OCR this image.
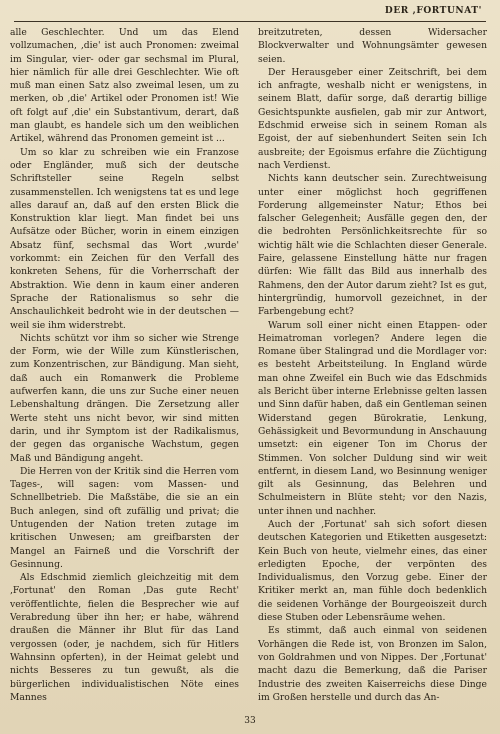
DER ,FORTUNAT'

alle Geschlechter. Und um das Elend vollzumachen, ‚die' ist auch Pronomen: zweimal im Singular, vier- oder gar sechsmal im Plural, hier nämlich für alle drei Geschlechter. Wie oft muß man einen Satz also zweimal lesen, um zu merken, ob ‚die' Artikel oder Pronomen ist! Wie oft folgt auf ‚die' ein Substantivum, derart, daß man glaubt, es handele sich um den weiblichen Artikel, während das Pronomen gemeint ist ...

Um so klar zu schreiben wie ein Franzose oder Engländer, muß sich der deutsche Schriftsteller seine Regeln selbst zusammenstellen. Ich wenigstens tat es und lege alles darauf an, daß auf den ersten Blick die Konstruktion klar liegt. Man findet bei uns Aufsätze oder Bücher, worin in einem einzigen Absatz fünf, sechsmal das Wort ‚wurde' vorkommt: ein Zeichen für den Verfall des konkreten Sehens, für die Vorherrschaft der Abstraktion. Wie denn in kaum einer anderen Sprache der Rationalismus so sehr die Anschaulichkeit bedroht wie in der deutschen — weil sie ihm widerstrebt.

Nichts schützt vor ihm so sicher wie Strenge der Form, wie der Wille zum Künstlerischen, zum Konzentrischen, zur Bändigung. Man sieht, daß auch ein Romanwerk die Probleme aufwerfen kann, die uns zur Suche einer neuen Lebenshaltung drängen. Die Zersetzung aller Werte steht uns nicht bevor, wir sind mitten darin, und ihr Symptom ist der Radikalismus, der gegen das organische Wachstum, gegen Maß und Bändigung angeht.

Die Herren von der Kritik sind die Herren vom Tages-, will sagen: vom Massen- und Schnellbetrieb. Die Maßstäbe, die sie an ein Buch anlegen, sind oft zufällig und privat; die Untugenden der Nation treten zutage im kritischen Unwesen; am greifbarsten der Mangel an Fairneß und die Vorschrift der Gesinnung.

Als Edschmid ziemlich gleichzeitig mit dem ‚Fortunat' den Roman ‚Das gute Recht' veröffentlichte, fielen die Besprecher wie auf Verabredung über ihn her; er habe, während draußen die Männer ihr Blut für das Land vergossen (oder, je nachdem, sich für Hitlers Wahnsinn opferten), in der Heimat gelebt und nichts Besseres zu tun gewußt, als die bürgerlichen individualistischen Nöte eines Mannes

breitzutreten, dessen Widersacher Blockverwalter und Wohnungsämter gewesen seien.

Der Herausgeber einer Zeitschrift, bei dem ich anfragte, weshalb nicht er wenigstens, in seinem Blatt, dafür sorge, daß derartig billige Gesichtspunkte ausfielen, gab mir zur Antwort, Edschmid erweise sich in seinem Roman als Egoist, der auf siebenhundert Seiten sein Ich ausbreite; der Egoismus erfahre die Züchtigung nach Verdienst.

Nichts kann deutscher sein. Zurechtweisung unter einer möglichst hoch gegriffenen Forderung allgemeinster Natur; Ethos bei falscher Gelegenheit; Ausfälle gegen den, der die bedrohten Persönlichkeitsrechte für so wichtig hält wie die Schlachten dieser Generale. Faire, gelassene Einstellung hätte nur fragen dürfen: Wie fällt das Bild aus innerhalb des Rahmens, den der Autor darum zieht? Ist es gut, hintergründig, humorvoll gezeichnet, in der Farbengebung echt?

Warum soll einer nicht einen Etappen- oder Heimatroman vorlegen? Andere legen die Romane über Stalingrad und die Mordlager vor: es besteht Arbeitsteilung. In England würde man ohne Zweifel ein Buch wie das Edschmids als Bericht über interne Erlebnisse gelten lassen und Sinn dafür haben, daß ein Gentleman seinen Widerstand gegen Bürokratie, Lenkung, Gehässigkeit und Bevormundung in Anschauung umsetzt: ein eigener Ton im Chorus der Stimmen. Von solcher Duldung sind wir weit entfernt, in diesem Land, wo Besinnung weniger gilt als Gesinnung, das Belehren und Schulmeistern in Blüte steht; vor den Nazis, unter ihnen und nachher.

Auch der ‚Fortunat' sah sich sofort diesen deutschen Kategorien und Etiketten ausgesetzt: Kein Buch von heute, vielmehr eines, das einer erledigten Epoche, der verpönten des Individualismus, den Vorzug gebe. Einer der Kritiker merkt an, man fühle doch bedenklich die seidenen Vorhänge der Bourgeoiszeit durch diese Stuben oder Lebensräume wehen.

Es stimmt, daß auch einmal von seidenen Vorhängen die Rede ist, von Bronzen im Salon, von Goldrahmen und von Nippes. Der ‚Fortunat' macht dazu die Bemerkung, daß die Pariser Industrie des zweiten Kaiserreichs diese Dinge im Großen herstelle und durch das An-

33
